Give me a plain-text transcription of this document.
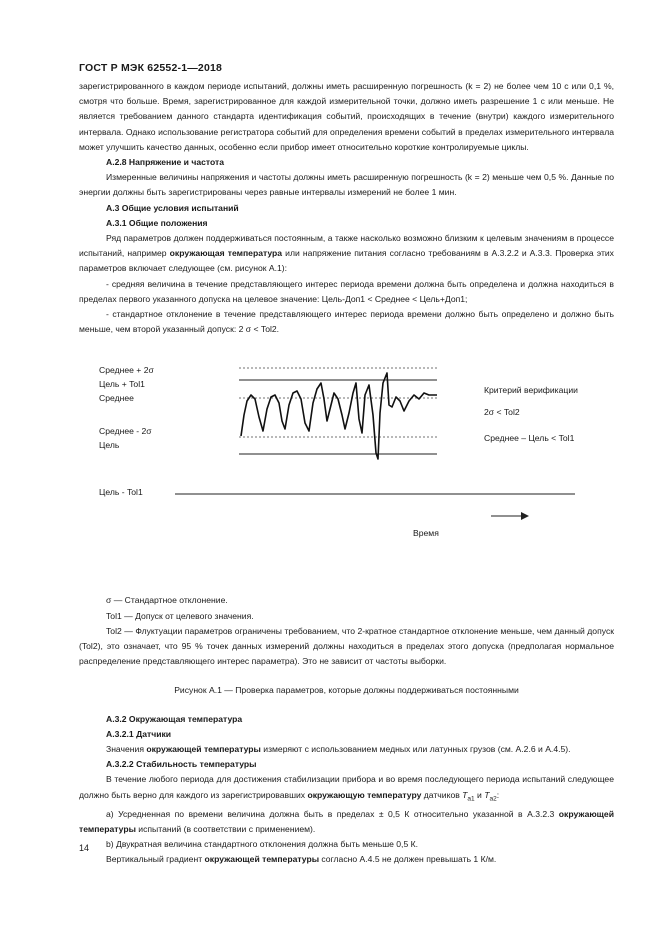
ГОСТ Р МЭК 62552-1—2018

зарегистрированного в каждом периоде испытаний, должны иметь расширенную погрешность (k = 2) не более чем 10 с или 0,1 %, смотря что больше. Время, зарегистрированное для каждой измерительной точки, должно иметь разрешение 1 с или меньше. Не является требованием данного стандарта идентификация событий, происходящих в течение (внутри) каждого измерительного интервала. Однако использование регистратора событий для определения времени событий в пределах измерительного интервала может улучшить качество данных, особенно если прибор имеет относительно короткие контролируемые циклы.

А.2.8 Напряжение и частота

Измеренные величины напряжения и частоты должны иметь расширенную погрешность (k = 2) меньше чем 0,5 %. Данные по энергии должны быть зарегистрированы через равные интервалы измерений не более 1 мин.

А.3 Общие условия испытаний

А.3.1 Общие положения

Ряд параметров должен поддерживаться постоянным, а также насколько возможно близким к целевым значениям в процессе испытаний, например окружающая температура или напряжение питания согласно требованиям в А.3.2.2 и А.3.3. Проверка этих параметров включает следующее (см. рисунок А.1):

- средняя величина в течение представляющего интерес периода времени должна быть определена и должна находиться в пределах первого указанного допуска на целевое значение: Цель-Доп1 < Среднее < Цель+Доп1;

- стандартное отклонение в течение представляющего интерес периода времени должно быть определено и должно быть меньше, чем второй указанный допуск: 2 σ < Tol2.

Среднее + 2σ
Цель + Tol1
Среднее
Среднее - 2σ
Цель
Цель - Tol1
Критерий верификации
2σ < Tol2
Среднее – Цель < Tol1
Время

σ — Стандартное отклонение.

Tol1 — Допуск от целевого значения.

Tol2 — Флуктуации параметров ограничены требованием, что 2-кратное стандартное отклонение меньше, чем данный допуск (Tol2), это означает, что 95 % точек данных измерений должны находиться в пределах этого допуска (предполагая нормальное распределение представляющего интерес параметра). Это не зависит от частоты выборки.

Рисунок А.1 — Проверка параметров, которые должны поддерживаться постоянными

А.3.2 Окружающая температура

А.3.2.1 Датчики

Значения окружающей температуры измеряют с использованием медных или латунных грузов (см. А.2.6 и А.4.5).

А.3.2.2 Стабильность температуры

В течение любого периода для достижения стабилизации прибора и во время последующего периода испытаний следующее должно быть верно для каждого из зарегистрировавших окружающую температуру датчиков $T_{a1}$ и $T_{a2}$:

a) Усредненная по времени величина должна быть в пределах ± 0,5 К относительно указанной в А.3.2.3 окружающей температуры испытаний (в соответствии с применением).

b) Двукратная величина стандартного отклонения должна быть меньше 0,5 К.

Вертикальный градиент окружающей температуры согласно А.4.5 не должен превышать 1 К/м.

14
